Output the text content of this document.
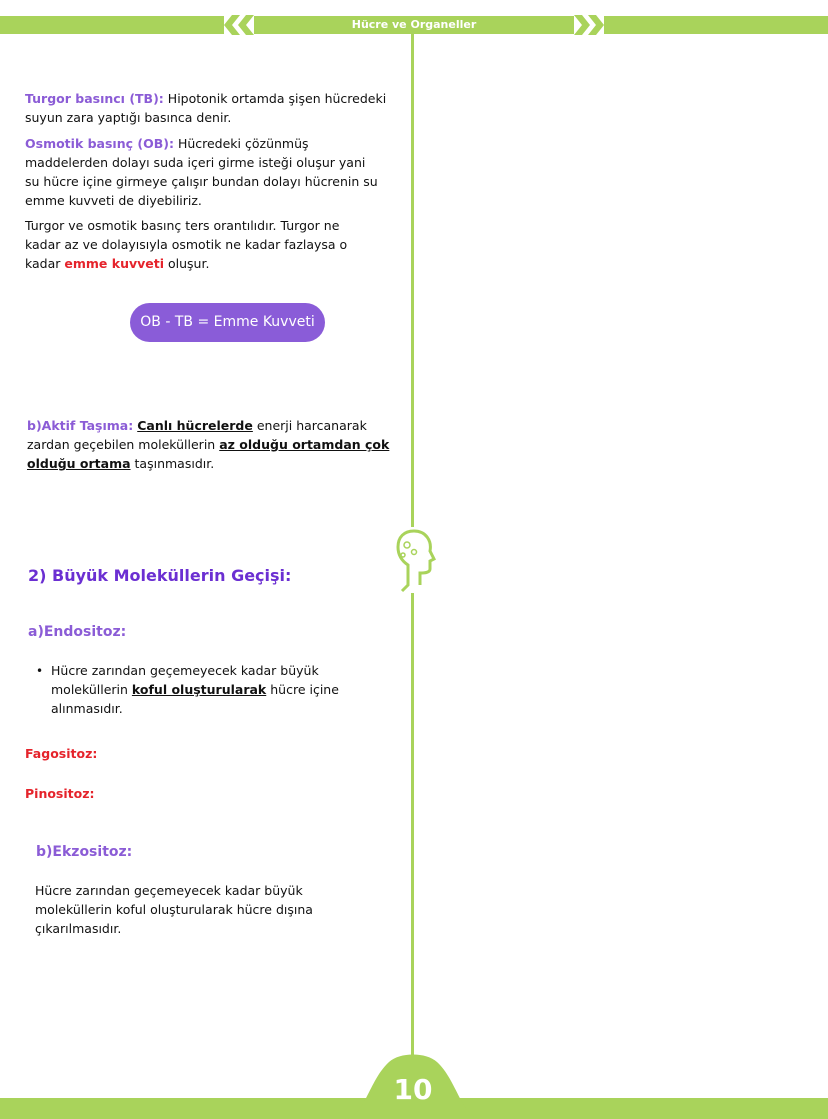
Hücre ve Organeller
Turgor basıncı (TB): Hipotonik ortamda şişen hücredeki
suyun zara yaptığı basınca denir.
Osmotik basınç (OB): Hücredeki çözünmüş
maddelerden dolayı suda içeri girme isteği oluşur yani
su hücre içine girmeye çalışır bundan dolayı hücrenin su
emme kuvveti de diyebiliriz.
Turgor ve osmotik basınç ters orantılıdır. Turgor ne
kadar az ve dolayısıyla osmotik ne kadar fazlaysa o
kadar emme kuvveti oluşur.
OB - TB = Emme Kuvveti
b)Aktif Taşıma: Canlı hücrelerde enerji harcanarak
zardan geçebilen moleküllerin az olduğu ortamdan çok
olduğu ortama taşınmasıdır.
2) Büyük Moleküllerin Geçişi:
a)Endositoz:
• Hücre zarından geçemeyecek kadar büyük
moleküllerin koful oluşturularak hücre içine
alınmasıdır.
Fagositoz:
Pinositoz:
b)Ekzositoz:
Hücre zarından geçemeyecek kadar büyük
moleküllerin koful oluşturularak hücre dışına
çıkarılmasıdır.
10
